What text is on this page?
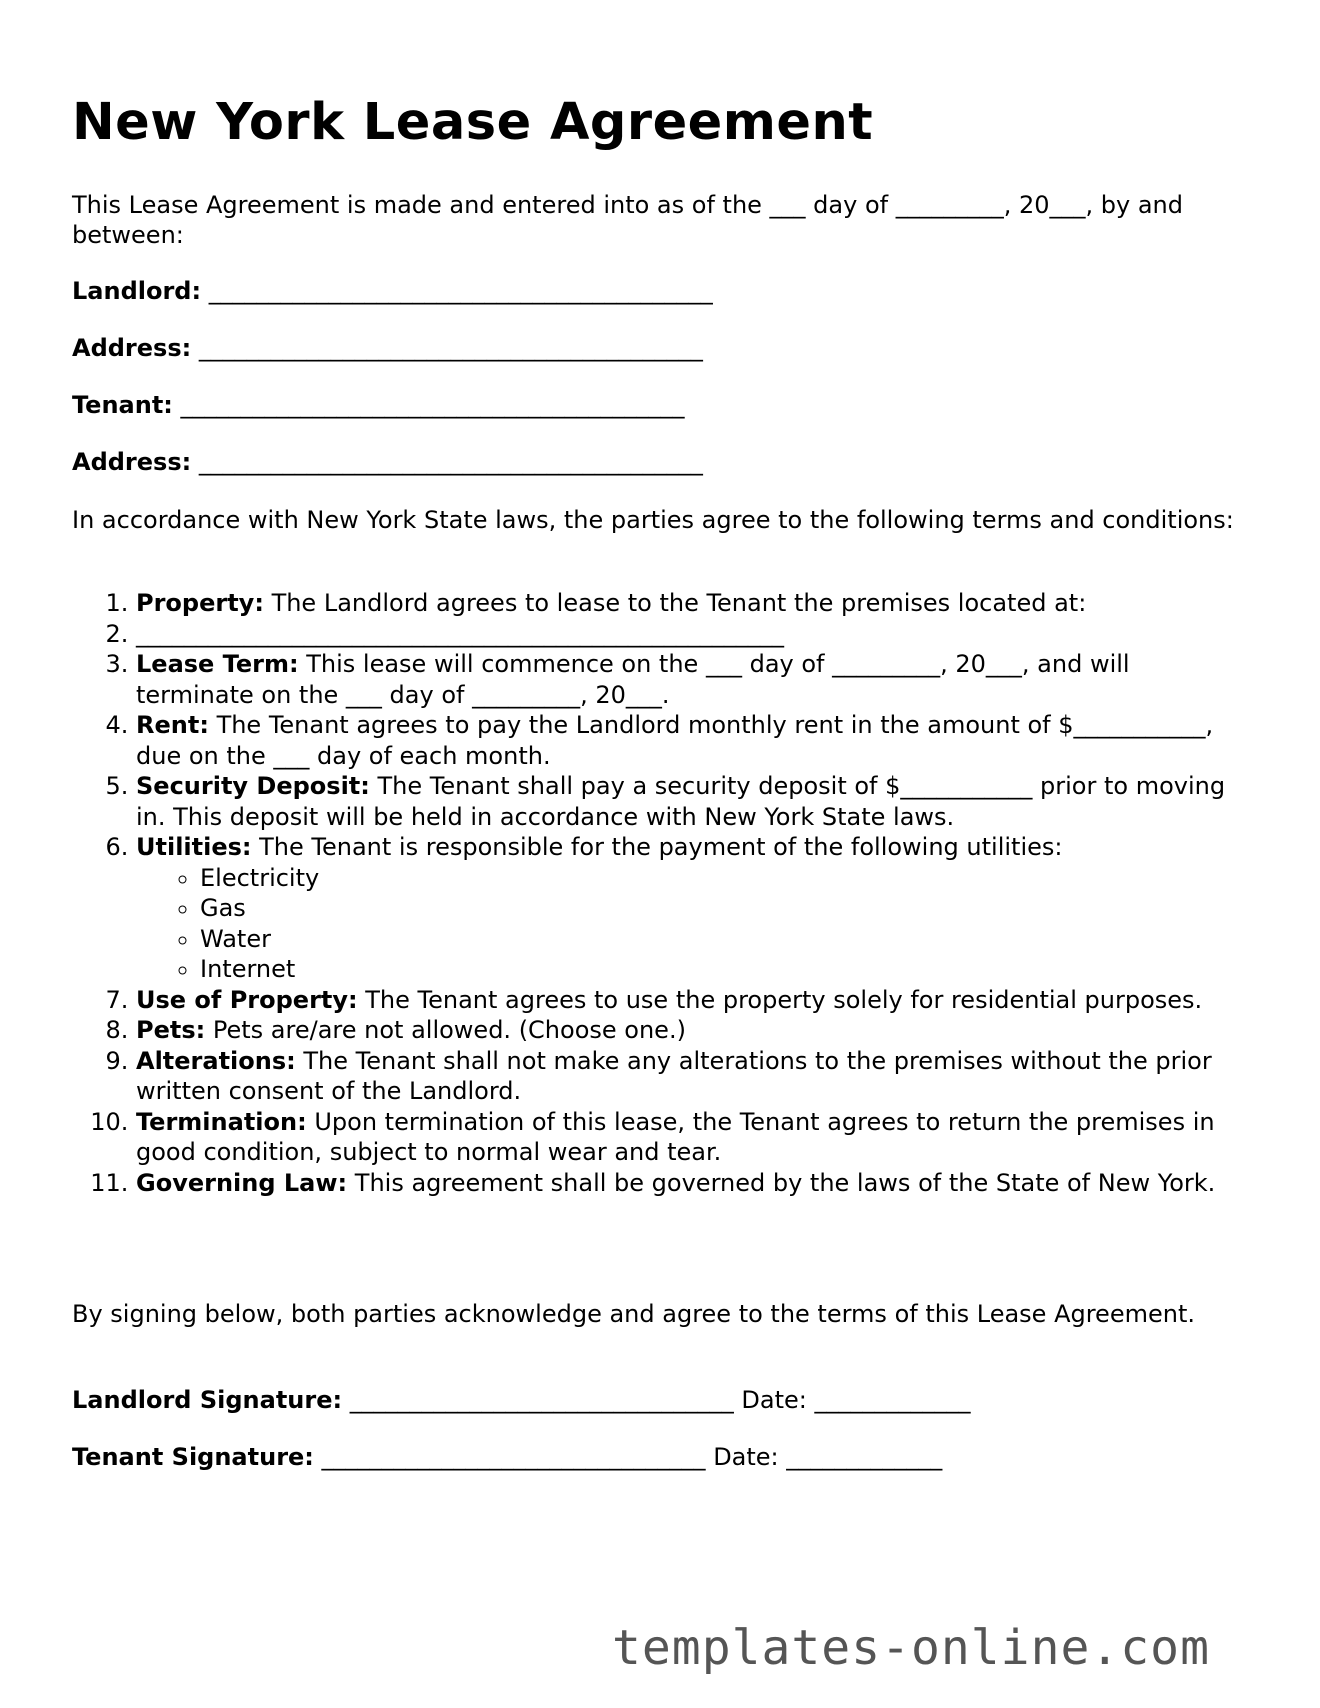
New York Lease Agreement
This Lease Agreement is made and entered into as of the ___ day of _________, 20___, by and between:
Landlord: __________________________________________
Address: __________________________________________
Tenant: __________________________________________
Address: __________________________________________
In accordance with New York State laws, the parties agree to the following terms and conditions:
1. Property: The Landlord agrees to lease to the Tenant the premises located at:
2. ______________________________________________________
3. Lease Term: This lease will commence on the ___ day of _________, 20___, and will terminate on the ___ day of _________, 20___.
4. Rent: The Tenant agrees to pay the Landlord monthly rent in the amount of $___________, due on the ___ day of each month.
5. Security Deposit: The Tenant shall pay a security deposit of $___________ prior to moving in. This deposit will be held in accordance with New York State laws.
6. Utilities: The Tenant is responsible for the payment of the following utilities:
◦ Electricity
◦ Gas
◦ Water
◦ Internet
7. Use of Property: The Tenant agrees to use the property solely for residential purposes.
8. Pets: Pets are/are not allowed. (Choose one.)
9. Alterations: The Tenant shall not make any alterations to the premises without the prior written consent of the Landlord.
10. Termination: Upon termination of this lease, the Tenant agrees to return the premises in good condition, subject to normal wear and tear.
11. Governing Law: This agreement shall be governed by the laws of the State of New York.
By signing below, both parties acknowledge and agree to the terms of this Lease Agreement.
Landlord Signature: ________________________________ Date: _____________
Tenant Signature: ________________________________ Date: _____________
templates-online.com
